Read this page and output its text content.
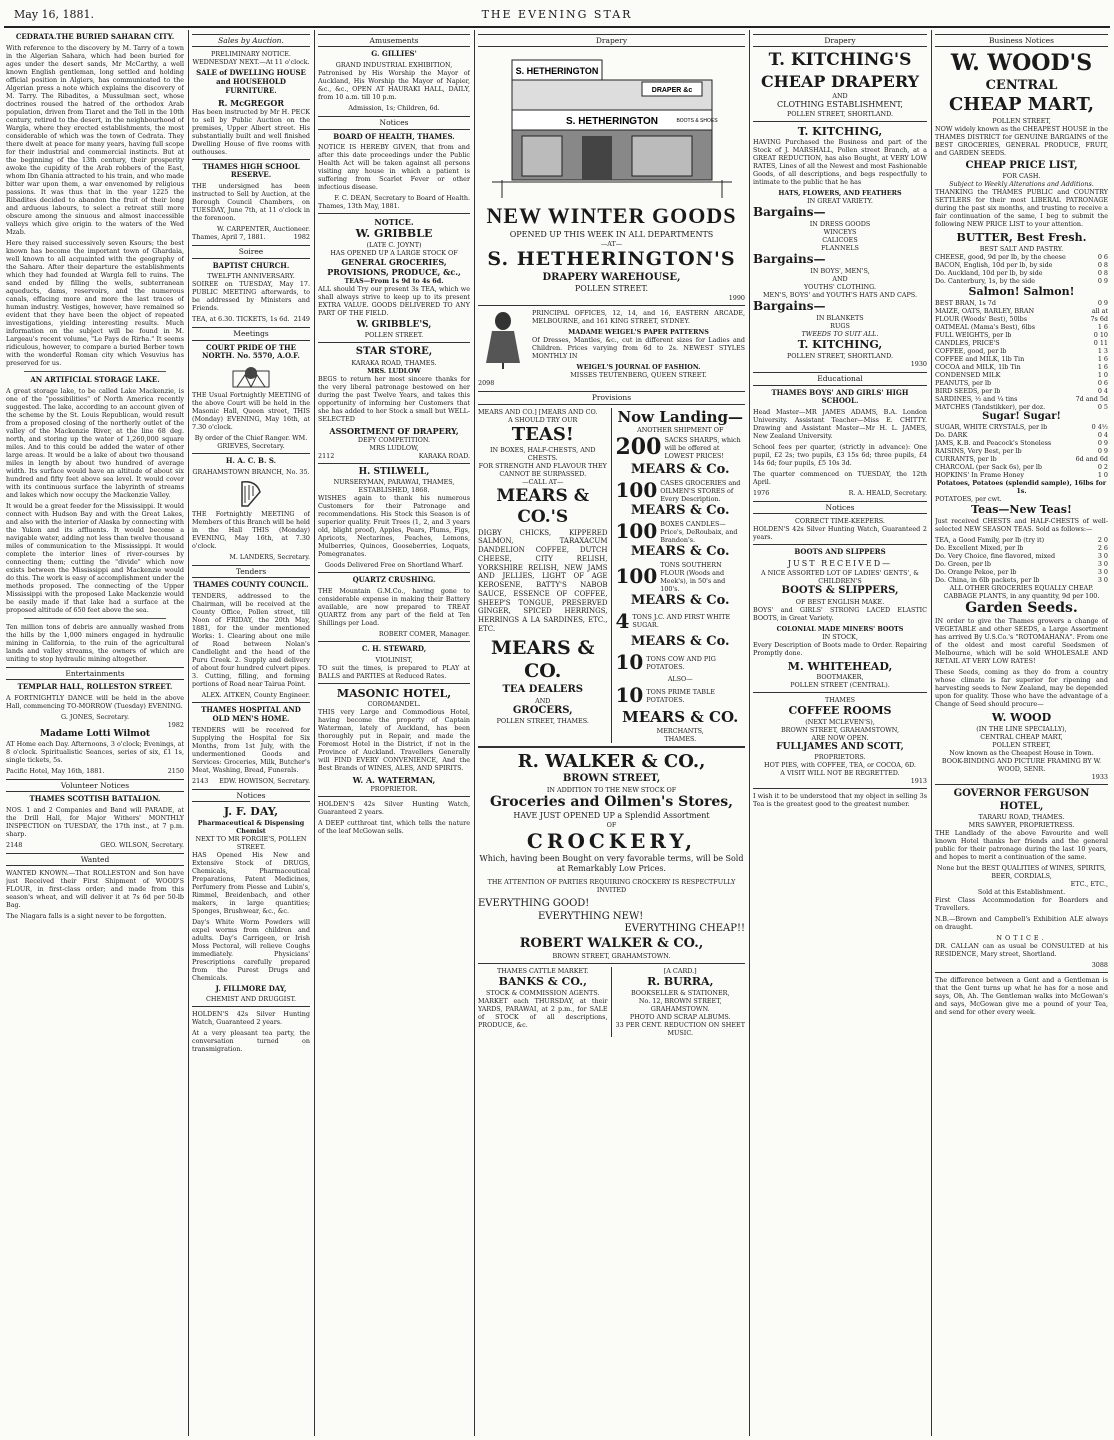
May 16, 1881.	THE EVENING STAR
CEDRATA.THE BURIED SAHARAN CITY.

With reference to the discovery by M. Tarry of a town in the Algerian Sahara, which had been buried for ages under the desert sands, Mr McCarthy, a well known English gentleman, long settled and holding official position in Algiers, has communicated to the Algerian press a note which explains the discovery of M. Tarry. The Ribadites, a Mussulman sect, whose doctrines roused the hatred of the orthodox Arab population, driven from Tiaret and the Tell in the 10th century, retired to the desert, in the neighbourhood of Wargla, where they erected establishments, the most considerable of which was the town of Cedrata. They there dwelt at peace for many years, having full scope for their industrial and commercial instincts. But at the beginning of the 13th century, their prosperity awoke the cupidity of the Arab robbers of the East, whom Ibn Ghania attracted to his train, and who made bitter war upon them, a war envenomed by religious passions. It was thus that in the year 1225 the Ribadites decided to abandon the fruit of their long and arduous labours, to select a retreat still more obscure among the sinuous and almost inaccessible valleys which give origin to the waters of the Wed Mzab.

Here they raised successively seven Ksours; the best known has become the important town of Ghardaia, well known to all acquainted with the geography of the Sahara. After their departure the establishments which they had founded at Wargla fell to ruins. The sand ended by filling the wells, subterranean aqueducts, dams, reservoirs, and the numerous canals, effacing more and more the last traces of human industry. Vestiges, however, have remained so evident that they have been the object of repeated investigations, yielding interesting results. Much information on the subject will be found in M. Largeau's recent volume, "Le Pays de Rirha." It seems ridiculous, however, to compare a buried Berber town with the wonderful Roman city which Vesuvius has preserved for us.

AN ARTIFICIAL STORAGE LAKE.

A great storage lake, to be called Lake Mackenzie, is one of the "possibilities" of North America recently suggested. The lake, according to an account given of the scheme by the St. Louis Republican, would result from a proposed closing of the northerly outlet of the valley of the Mackenzie River, at the line 68 deg. north, and storing up the water of 1,260,000 square miles. And to this could be added the water of other large areas. It would be a lake of about two thousand miles in length by about two hundred of average width. Its surface would have an altitude of about six hundred and fifty feet above sea level. It would cover with its continuous surface the labyrinth of streams and lakes which now occupy the Mackenzie Valley.

It would be a great feeder for the Mississippi. It would connect with Hudson Bay and with the Great Lakes, and also with the interior of Alaska by connecting with the Yukon and its affluents. It would become a navigable water, adding not less than twelve thousand miles of communication to the Mississippi. It would complete the interior lines of river-courses by connecting them; cutting the "divide" which now exists between the Mississippi and Mackenzie would do this. The work is easy of accomplishment under the methods proposed. The connecting of the Upper Mississippi with the proposed Lake Mackenzie would be easily made if that lake had a surface at the proposed altitude of 650 feet above the sea.

Ten million tons of debris are annually washed from the hills by the 1,000 miners engaged in hydraulic mining in California, to the ruin of the agricultural lands and valley streams, the owners of which are uniting to stop hydraulic mining altogether.

Entertainments
TEMPLAR HALL, ROLLESTON STREET.

A FORTNIGHTLY DANCE will be held in the above Hall, commencing TO-MORROW (Tuesday) EVENING.

G. JONES, Secretary.
1982
Madame Lotti Wilmot

AT Home each Day. Afternoons, 3 o'clock; Evenings, at 8 o'clock. Spiritualistic Seances, series of six, £1 1s, single tickets, 5s.

Pacific Hotel, May 16th, 1881.	2150
Volunteer Notices
THAMES SCOTTISH BATTALION.

NOS. 1 and 2 Companies and Band will PARADE, at the Drill Hall, for Major Withers' MONTHLY INSPECTION on TUESDAY, the 17th inst., at 7 p.m. sharp.

2148	GEO. WILSON, Secretary.
Wanted

WANTED KNOWN.—That ROLLESTON and Son have just Received their First Shipment of WOOD'S FLOUR, in first-class order; and made from this season's wheat, and will deliver it at 7s 6d per 50-lb Bag.

The Niagara falls is a sight never to be forgotten.

Sales by Auction.
PRELIMINARY NOTICE.
WEDNESDAY NEXT.—At 11 o'clock.
SALE of DWELLING HOUSE and HOUSEHOLD FURNITURE.
R. McGREGOR

Has been instructed by Mr H. PECK to sell by Public Auction on the premises, Upper Albert street. His substantially built and well finished Dwelling House of five rooms with outhouses.

THAMES HIGH SCHOOL RESERVE.

THE undersigned has been instructed to Sell by Auction, at the Borough Council Chambers, on TUESDAY, June 7th, at 11 o'clock in the forenoon.

W. CARPENTER, Auctioneer.
Thames, April 7, 1881.	1982
Soiree
BAPTIST CHURCH.
TWELFTH ANNIVERSARY.

SOIREE on TUESDAY, May 17. PUBLIC MEETING afterwards, to be addressed by Ministers and Friends.

TEA, at 6.30. TICKETS, 1s 6d. 2149
Meetings
COURT PRIDE OF THE NORTH. No. 5570, A.O.F.

THE Usual Fortnightly MEETING of the above Court will be held in the Masonic Hall, Queen street, THIS (Monday) EVENING, May 16th, at 7.30 o'clock.

By order of the Chief Ranger. WM. GRIEVES, Secretary.
H. A. C. B. S.
GRAHAMSTOWN BRANCH, No. 35.

THE Fortnightly MEETING of Members of this Branch will be held in the Hall THIS (Monday) EVENING, May 16th, at 7.30 o'clock.

M. LANDERS, Secretary.
Tenders
THAMES COUNTY COUNCIL.

TENDERS, addressed to the Chairman, will be received at the County Office, Pollen street, till Noon of FRIDAY, the 20th May, 1881, for the under mentioned Works: 1. Clearing about one mile of Road between Nolan's Candlelight and the head of the Puru Creek. 2. Supply and delivery of about four hundred culvert pipes. 3. Cutting, filling, and forming portions of Road near Tairua Point.

ALEX. AITKEN, County Engineer.
THAMES HOSPITAL AND OLD MEN'S HOME.

TENDERS will be received for Supplying the Hospital for Six Months, from 1st July, with the undermentioned Goods and Services: Groceries, Milk, Butcher's Meat, Washing, Bread, Funerals.

2143 EDW. HOWISON, Secretary.
Notices
J. F. DAY,
Pharmaceutical & Dispensing Chemist
NEXT TO MR FORGIE'S, POLLEN STREET.

HAS Opened His New and Extensive Stock of DRUGS, Chemicals, Pharmaceutical Preparations, Patent Medicines, Perfumery from Piesse and Lubin's, Rimmel, Breidenbach, and other makers, in large quantities; Sponges, Brushwear, &c., &c.

Day's White Worm Powders will expel worms from children and adults. Day's Carrigeen, or Irish Moss Pectoral, will relieve Coughs immediately. Physicians' Prescriptions carefully prepared from the Purest Drugs and Chemicals.

J. FILLMORE DAY,
CHEMIST AND DRUGGIST.

HOLDEN'S 42s Silver Hunting Watch, Guaranteed 2 years.

At a very pleasant tea party, the conversation turned on transmigration.

Amusements
G. GILLIES'
GRAND INDUSTRIAL EXHIBITION,

Patronised by His Worship the Mayor of Auckland, His Worship the Mayor of Napier, &c., &c., OPEN AT HAURAKI HALL, DAILY, from 10 a.m. till 10 p.m.

Admission, 1s; Children, 6d.
Notices
BOARD OF HEALTH, THAMES.

NOTICE IS HEREBY GIVEN, that from and after this date proceedings under the Public Health Act will be taken against all persons visiting any house in which a patient is suffering from Scarlet Fever or other infectious disease.

F. C. DEAN, Secretary to Board of Health.
Thames, 13th May, 1881.
NOTICE.
W. GRIBBLE
(LATE C. JOYNT)
HAS OPENED UP A LARGE STOCK OF
GENERAL GROCERIES, PROVISIONS, PRODUCE, &c.,
TEAS—From 1s 9d to 4s 6d.

ALL should Try our present 3s TEA, which we shall always strive to keep up to its present EXTRA VALUE. GOODS DELIVERED TO ANY PART OF THE FIELD.

W. GRIBBLE'S,
POLLEN STREET.
STAR STORE,
KARAKA ROAD, THAMES.
MRS. LUDLOW

BEGS to return her most sincere thanks for the very liberal patronage bestowed on her during the past Twelve Years, and takes this opportunity of informing her Customers that she has added to her Stock a small but WELL-SELECTED

ASSORTMENT OF DRAPERY,
DEFY COMPETITION.
MRS LUDLOW,
2112	KARAKA ROAD.
H. STILWELL,
NURSERYMAN, PARAWAI, THAMES,
ESTABLISHED, 1868.

WISHES again to thank his numerous Customers for their Patronage and recommendations. His Stock this Season is of superior quality. Fruit Trees (1, 2, and 3 years old, blight proof), Apples, Pears, Plums, Figs, Apricots, Nectarines, Peaches, Lemons, Mulberries, Quinces, Gooseberries, Loquats, Pomegranates.

Goods Delivered Free on Shortland Wharf.
QUARTZ CRUSHING.

THE Mountain G.M.Co., having gone to considerable expense in making their Battery available, are now prepared to TREAT QUARTZ from any part of the field at Ten Shillings per Load.

ROBERT COMER, Manager.
C. H. STEWARD,
VIOLINIST,

TO suit the times, is prepared to PLAY at BALLS and PARTIES at Reduced Rates.

MASONIC HOTEL,
COROMANDEL.

THIS very Large and Commodious Hotel, having become the property of Captain Waterman, lately of Auckland, has been thoroughly put in Repair, and made the Foremost Hotel in the District, if not in the Province of Auckland. Travellers Generally will FIND EVERY CONVENIENCE, And the Best Brands of WINES, ALES, AND SPIRITS.

W. A. WATERMAN,
PROPRIETOR.

HOLDEN'S 42s Silver Hunting Watch, Guaranteed 2 years.

A DEEP cutthroat tint, which tells the nature of the leaf McGowan sells.

Drapery
S. HETHERINGTON
DRAPER &c
S. HETHERINGTON	BOOTS & SHOES
NEW WINTER GOODS
OPENED UP THIS WEEK IN ALL DEPARTMENTS
—AT—
S. HETHERINGTON'S
DRAPERY WAREHOUSE,
POLLEN STREET.
1990

PRINCIPAL OFFICES, 12, 14, and 16, EASTERN ARCADE, MELBOURNE, and 161 KING STREET, SYDNEY.

MADAME WEIGEL'S PAPER PATTERNS

Of Dresses, Mantles, &c., cut in different sizes for Ladies and Children. Prices varying from 6d to 2s. NEWEST STYLES MONTHLY IN

WEIGEL'S JOURNAL OF FASHION.
MISSES TEUTENBERG, QUEEN STREET.
2098
Provisions
MEARS AND CO.] [MEARS AND CO.
A SHOULD TRY OUR
TEAS!
IN BOXES, HALF-CHESTS, AND CHESTS.
FOR STRENGTH AND FLAVOUR THEY CANNOT BE SURPASSED.
—CALL AT—
MEARS & CO.'S

DIGBY CHICKS, KIPPERED SALMON, TARAXACUM DANDELION COFFEE, DUTCH CHEESE, CITY RELISH, YORKSHIRE RELISH, NEW JAMS AND JELLIES, LIGHT OF AGE KEROSENE, BATTY'S NABOB SAUCE, ESSENCE OF COFFEE, SHEEP'S TONGUE, PRESERVED GINGER, SPICED HERRINGS, HERRINGS A LA SARDINES, ETC., ETC.

MEARS & CO.
TEA DEALERS
AND
GROCERS,
POLLEN STREET, THAMES.
Now Landing—
ANOTHER SHIPMENT OF
200 SACKS SHARPS, which will be offered at LOWEST PRICES!
MEARS & Co.
100 CASES GROCERIES and OILMEN'S STORES of Every Description.
MEARS & Co.
100 BOXES CANDLES— Price's, DeRoubaix, and Brandon's.
MEARS & Co.
100 TONS SOUTHERN FLOUR (Woods and Meek's), in 50's and 100's.
MEARS & Co.
4 TONS J.C. AND FIRST WHITE SUGAR.
MEARS & Co.
10 TONS COW AND PIG POTATOES.
ALSO—
10 TONS PRIME TABLE POTATOES.
MEARS & CO.
MERCHANTS,
THAMES.
R. WALKER & CO.,
BROWN STREET,
IN ADDITION TO THE NEW STOCK OF
Groceries and Oilmen's Stores,
HAVE JUST OPENED UP a Splendid Assortment
OF
CROCKERY,
Which, having been Bought on very favorable terms, will be Sold at Remarkably Low Prices.
THE ATTENTION OF PARTIES REQUIRING CROCKERY IS RESPECTFULLY INVITED
EVERYTHING GOOD!
EVERYTHING NEW!
EVERYTHING CHEAP!!
ROBERT WALKER & CO.,
BROWN STREET, GRAHAMSTOWN.
THAMES CATTLE MARKET.
BANKS & CO.,
STOCK & COMMISSION AGENTS.

MARKET each THURSDAY, at their YARDS, PARAWAI, at 2 p.m., for SALE of STOCK of all descriptions, PRODUCE, &c.

[A CARD.]
R. BURRA,
BOOKSELLER & STATIONER,
No. 12, BROWN STREET,
GRAHAMSTOWN.
PHOTO AND SCRAP ALBUMS.
33 PER CENT. REDUCTION ON SHEET MUSIC.
Drapery
T. KITCHING'S
CHEAP DRAPERY
AND
CLOTHING ESTABLISHMENT,
POLLEN STREET, SHORTLAND.
T. KITCHING,

HAVING Purchased the Business and part of the Stock of J. MARSHALL, Pollen street Branch, at a GREAT REDUCTION, has also Bought, at VERY LOW RATES, Lines of all the Newest and most Fashionable Goods, of all descriptions, and begs respectfully to intimate to the public that he has

HATS, FLOWERS, AND FEATHERS
IN GREAT VARIETY.
Bargains—
IN DRESS GOODS
WINCEYS
CALICOES
FLANNELS
Bargains—
IN BOYS', MEN'S,
AND
YOUTHS' CLOTHING.
MEN'S, BOYS' and YOUTH'S HATS AND CAPS.
Bargains—
IN BLANKETS
RUGS
TWEEDS TO SUIT ALL.
T. KITCHING,
POLLEN STREET, SHORTLAND.
1930
Educational
THAMES BOYS' AND GIRLS' HIGH SCHOOL.

Head Master—MR JAMES ADAMS, B.A. London University. Assistant Teacher—Miss E. CHITTY. Drawing and Assistant Master—Mr H. L. JAMES, New Zealand University.

School fees per quarter, (strictly in advance): One pupil, £2 2s; two pupils, £3 15s 6d; three pupils, £4 14s 6d; four pupils, £5 10s 3d.

The quarter commenced on TUESDAY, the 12th April.

1976	R. A. HEALD, Secretary.
Notices
CORRECT TIME-KEEPERS.

HOLDEN'S 42s Silver Hunting Watch, Guaranteed 2 years.

BOOTS AND SLIPPERS
JUST RECEIVED—
A NICE ASSORTED LOT OF LADIES' GENTS', & CHILDREN'S
BOOTS & SLIPPERS,
OF BEST ENGLISH MAKE.

BOYS' and GIRLS' STRONG LACED ELASTIC BOOTS, in Great Variety.

COLONIAL MADE MINERS' BOOTS
IN STOCK,

Every Description of Boots made to Order. Repairing Promptly done.

M. WHITEHEAD,
BOOTMAKER,
POLLEN STREET (CENTRAL).
THAMES
COFFEE ROOMS
(NEXT MCLEVEN'S),
BROWN STREET, GRAHAMSTOWN,
ARE NOW OPEN.
FULLJAMES AND SCOTT,
PROPRIETORS.
HOT PIES, with COFFEE, TEA, or COCOA, 6D.
A VISIT WILL NOT BE REGRETTED.
1913

I wish it to be understood that my object in selling 3s Tea is the greatest good to the greatest number.

Business Notices
W. WOOD'S
CENTRAL
CHEAP MART,
POLLEN STREET,

NOW widely known as the CHEAPEST HOUSE in the THAMES DISTRICT for GENUINE BARGAINS of the BEST GROCERIES, GENERAL PRODUCE, FRUIT, and GARDEN SEEDS.

CHEAP PRICE LIST,
FOR CASH.
Subject to Weekly Alterations and Additions.

THANKING the THAMES PUBLIC and COUNTRY SETTLERS for their most LIBERAL PATRONAGE during the past six months, and trusting to receive a fair continuation of the same, I beg to submit the following NEW PRICE LIST to your attention.

BUTTER, Best Fresh.
BEST SALT AND PASTRY.
CHEESE, good, 9d per lb, by the cheese	0 6
BACON, English, 10d per lb, by side	0 8
Do. Auckland, 10d per lb, by side	0 8
Do. Canterbury, 1s, by the side	0 9
Salmon! Salmon!
BEST BRAN, 1s 7d	0 9
MAIZE, OATS, BARLEY, BRAN	all at
FLOUR (Woods' Best), 50lbs	7s 6d
OATMEAL (Mama's Best), 6lbs	1 6
FULL WEIGHTS, per lb	0 10
CANDLES, PRICE'S	0 11
COFFEE, good, per lb	1 3
COFFEE and MILK, 1lb Tin	1 6
COCOA and MILK, 1lb Tin	1 6
CONDENSED MILK	1 0
PEANUTS, per lb	0 6
BIRD SEEDS, per lb	0 4
SARDINES, ½ and ¼ tins	7d and 5d
MATCHES (Tandstikker), per doz.	0 5
Sugar! Sugar!
SUGAR, WHITE CRYSTALS, per lb	0 4½
Do. DARK	0 4
JAMS, K.B. and Peacock's Stoneless	0 9
RAISINS, Very Best, per lb	0 9
CURRANTS, per lb	6d and 6d
CHARCOAL (per Sack 6s), per lb	0 2
HOPKINS' In Frame Honey	1 0
Potatoes, Potatoes (splendid sample), 16lbs for 1s.
POTATOES, per cwt.
Teas—New Teas!

Just received CHESTS and HALF-CHESTS of well-selected NEW SEASON TEAS. Sold as follows:—

TEA, a Good Family, per lb (try it)	2 0
Do. Excellent Mixed, per lb	2 6
Do. Very Choice, fine flavored, mixed	3 0
Do. Green, per lb	3 0
Do. Orange Pekoe, per lb	3 0
Do. China, in 6lb packets, per lb	3 0
ALL OTHER GROCERIES EQUALLY CHEAP.
CABBAGE PLANTS, in any quantity, 9d per 100.
Garden Seeds.

IN order to give the Thames growers a change of VEGETABLE and other SEEDS, a Large Assortment has arrived By U.S.Co.'s "ROTOMAHANA". From one of the oldest and most careful Seedsmen of Melbourne, which will be sold WHOLESALE AND RETAIL AT VERY LOW RATES!

These Seeds, coming as they do from a country whose climate is far superior for ripening and harvesting seeds to New Zealand, may be depended upon for quality. Those who have the advantage of a Change of Seed should procure—

W. WOOD
(IN THE LINE SPECIALLY),
CENTRAL CHEAP MART,
POLLEN STREET,
Now known as the Cheapest House in Town.
BOOK-BINDING AND PICTURE FRAMING BY W. WOOD, SENR.
1933
GOVERNOR FERGUSON
HOTEL,
TARARU ROAD, THAMES.
MRS SAWYER, PROPRIETRESS.

THE Landlady of the above Favourite and well known Hotel thanks her friends and the general public for their patronage during the last 10 years, and hopes to merit a continuation of the same.

None but the BEST QUALITIES of WINES, SPIRITS,
BEER, CORDIALS,
ETC., ETC.,
Sold at this Establishment.

First Class Accommodation for Boarders and Travellers.

N.B.—Brown and Campbell's Exhibition ALE always on draught.

NOTICE.

DR. CALLAN can as usual be CONSULTED at his RESIDENCE, Mary street, Shortland.

3088

The difference between a Gent and a Gentleman is that the Gent turns up what he has for a nose and says, Oh, Ah. The Gentleman walks into McGowan's and says, McGowan give me a pound of your Tea, and send for other every week.
